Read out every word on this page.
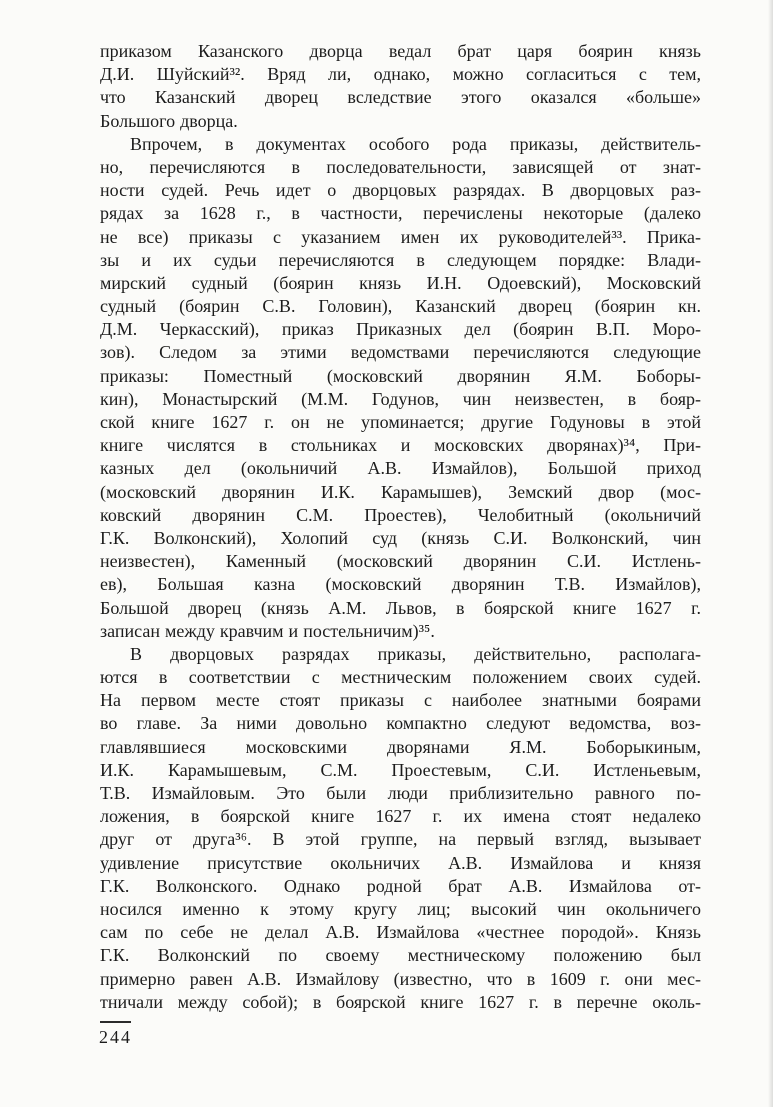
приказом Казанского дворца ведал брат царя боярин князь
Д.И. Шуйский³². Вряд ли, однако, можно согласиться с тем,
что Казанский дворец вследствие этого оказался «больше»
Большого дворца.
Впрочем, в документах особого рода приказы, действитель-
но, перечисляются в последовательности, зависящей от знат-
ности судей. Речь идет о дворцовых разрядах. В дворцовых раз-
рядах за 1628 г., в частности, перечислены некоторые (далеко
не все) приказы с указанием имен их руководителей³³. Прика-
зы и их судьи перечисляются в следующем порядке: Влади-
мирский судный (боярин князь И.Н. Одоевский), Московский
судный (боярин С.В. Головин), Казанский дворец (боярин кн.
Д.М. Черкасский), приказ Приказных дел (боярин В.П. Моро-
зов). Следом за этими ведомствами перечисляются следующие
приказы: Поместный (московский дворянин Я.М. Боборы-
кин), Монастырский (М.М. Годунов, чин неизвестен, в бояр-
ской книге 1627 г. он не упоминается; другие Годуновы в этой
книге числятся в стольниках и московских дворянах)³⁴, При-
казных дел (окольничий А.В. Измайлов), Большой приход
(московский дворянин И.К. Карамышев), Земский двор (мос-
ковский дворянин С.М. Проестев), Челобитный (окольничий
Г.К. Волконский), Холопий суд (князь С.И. Волконский, чин
неизвестен), Каменный (московский дворянин С.И. Истлень-
ев), Большая казна (московский дворянин Т.В. Измайлов),
Большой дворец (князь А.М. Львов, в боярской книге 1627 г.
записан между кравчим и постельничим)³⁵.
В дворцовых разрядах приказы, действительно, располага-
ются в соответствии с местническим положением своих судей.
На первом месте стоят приказы с наиболее знатными боярами
во главе. За ними довольно компактно следуют ведомства, воз-
главлявшиеся московскими дворянами Я.М. Боборыкиным,
И.К. Карамышевым, С.М. Проестевым, С.И. Истленьевым,
Т.В. Измайловым. Это были люди приблизительно равного по-
ложения, в боярской книге 1627 г. их имена стоят недалеко
друг от друга³⁶. В этой группе, на первый взгляд, вызывает
удивление присутствие окольничих А.В. Измайлова и князя
Г.К. Волконского. Однако родной брат А.В. Измайлова от-
носился именно к этому кругу лиц; высокий чин окольничего
сам по себе не делал А.В. Измайлова «честнее породой». Князь
Г.К. Волконский по своему местническому положению был
примерно равен А.В. Измайлову (известно, что в 1609 г. они мес-
тничали между собой); в боярской книге 1627 г. в перечне околь-
244
